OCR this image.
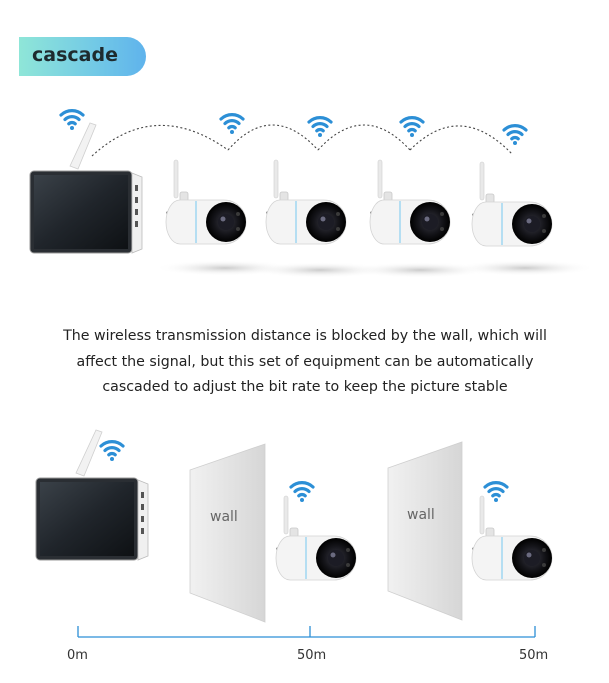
cascade
The wireless transmission distance is blocked by the wall, which will
affect the signal, but this set of equipment can be automatically
cascaded to adjust the bit rate to keep the picture stable
wall	wall
0m	50m	50m
